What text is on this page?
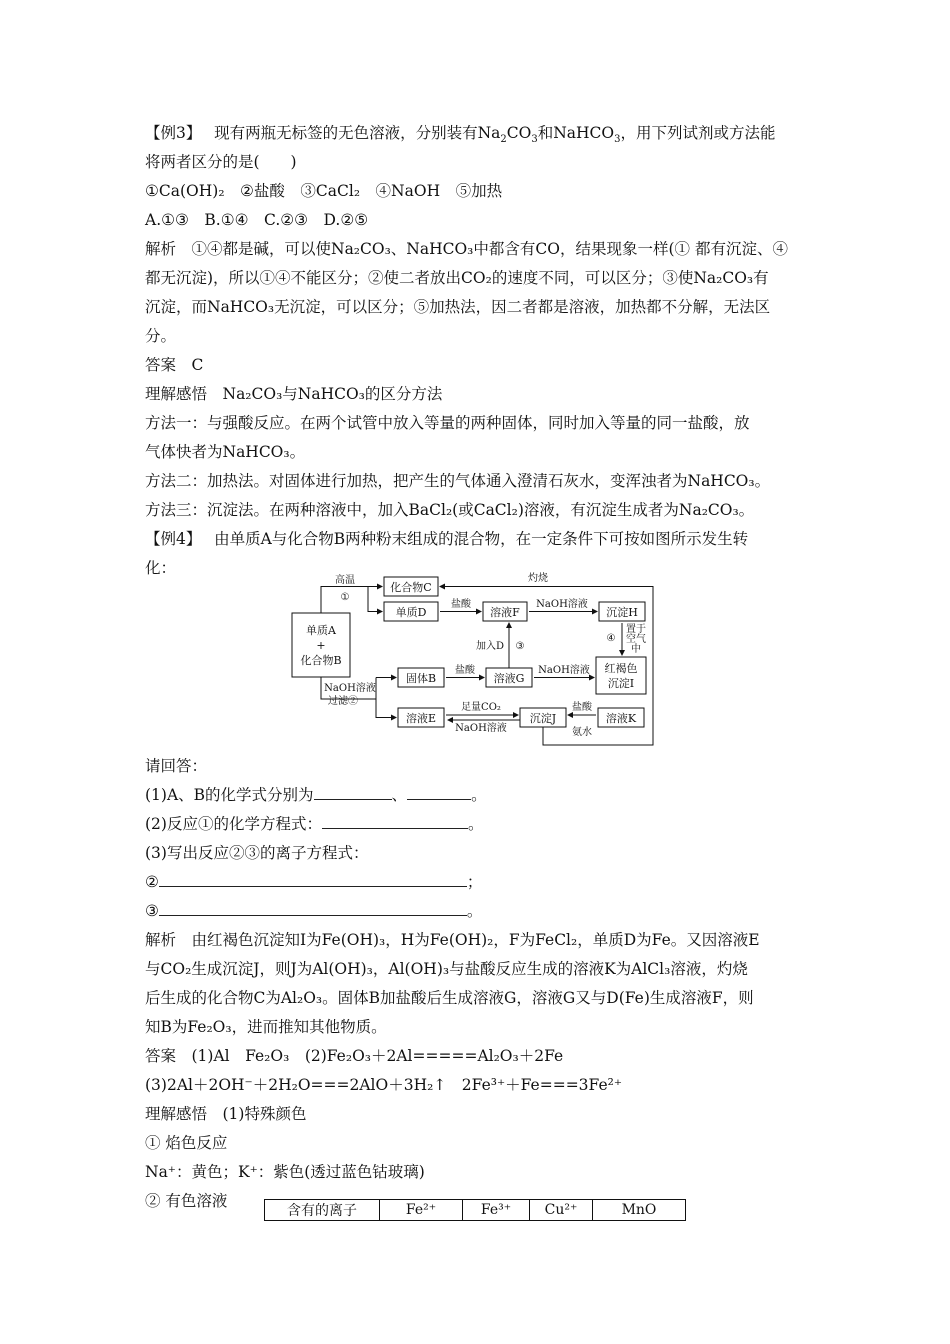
【例3】　 现有两瓶无标签的无色溶液，分别装有$Na_2CO_3$和NaHCO$_3$，用下列试剂或方法能
将两者区分的是(　　)
①Ca(OH)₂　②盐酸　③CaCl₂　④NaOH　⑤加热
A.①③　B.①④　C.②③　D.②⑤
解析　①④都是碱，可以使Na₂CO₃、NaHCO₃中都含有CO，结果现象一样(① 都有沉淀、④
都无沉淀)，所以①④不能区分；②使二者放出CO₂的速度不同，可以区分；③使Na₂CO₃有
沉淀，而NaHCO₃无沉淀，可以区分；⑤加热法，因二者都是溶液，加热都不分解，无法区
分。
答案　C
理解感悟　Na₂CO₃与NaHCO₃的区分方法
方法一：与强酸反应。在两个试管中放入等量的两种固体，同时加入等量的同一盐酸，放
气体快者为NaHCO₃。
方法二：加热法。对固体进行加热，把产生的气体通入澄清石灰水，变浑浊者为NaHCO₃。
方法三：沉淀法。在两种溶液中，加入BaCl₂(或CaCl₂)溶液，有沉淀生成者为Na₂CO₃。
【例4】　 由单质A与化合物B两种粉末组成的混合物，在一定条件下可按如图所示发生转
化：
单质A
+
化合物B
高温
①
化合物C
灼烧
单质D
盐酸
溶液F
NaOH溶液
沉淀H
④
置于
空气
中
加入D ③
固体B
盐酸
溶液G
NaOH溶液 红褐色
沉淀I
NaOH溶液
过滤②
溶液E
足量CO₂
NaOH溶液
沉淀J
盐酸
氨水
溶液K
请回答：
(1)A、B的化学式分别为	、	。
(2)反应①的化学方程式：	。
(3)写出反应②③的离子方程式：
②	；
③	。
解析　由红褐色沉淀知I为Fe(OH)₃，H为Fe(OH)₂，F为FeCl₂，单质D为Fe。又因溶液E
与CO₂生成沉淀J，则J为Al(OH)₃，Al(OH)₃与盐酸反应生成的溶液K为AlCl₃溶液，灼烧
后生成的化合物C为Al₂O₃。固体B加盐酸后生成溶液G，溶液G又与D(Fe)生成溶液F，则
知B为Fe₂O₃，进而推知其他物质。
答案　(1)Al　Fe₂O₃　(2)Fe₂O₃＋2Al=====Al₂O₃＋2Fe
(3)2Al＋2OH⁻＋2H₂O===2AlO＋3H₂↑　2Fe³⁺＋Fe===3Fe²⁺
理解感悟　(1)特殊颜色
① 焰色反应
Na⁺：黄色；K⁺：紫色(透过蓝色钴玻璃)
② 有色溶液
含有的离子	Fe²⁺	Fe³⁺	Cu²⁺	MnO
